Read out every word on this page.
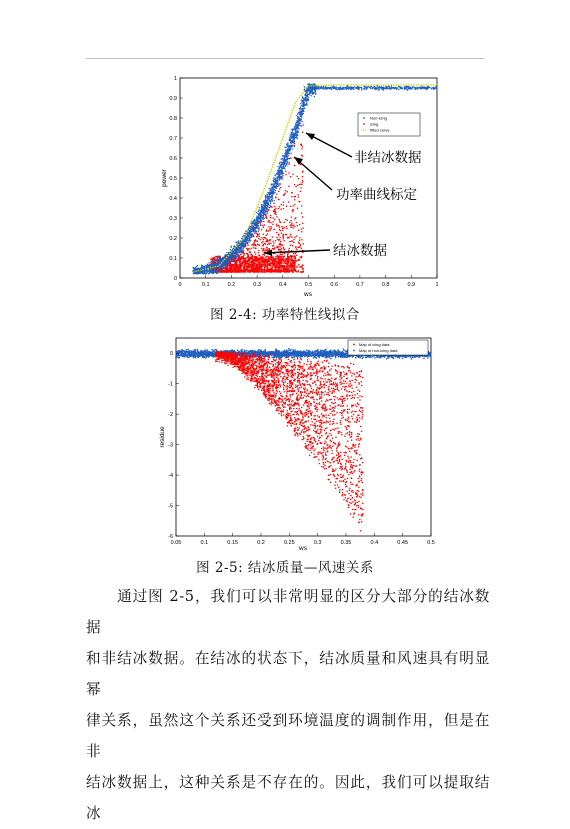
0	0.1	0.2	0.3	0.4	0.5	0.6	0.7	0.8	0.9	1
0
0.1
0.2
0.3
0.4
0.5
0.6
0.7
0.8
0.9
1
ws
power
Non-icing
icing
fitted curve
非结冰数据
功率曲线标定
结冰数据
0.05	0.1	0.15	0.2	0.25	0.3	0.35	0.4	0.45	0.5
0
-1
-2
-3
-4
-5
-6
ws
residue
Map of icing data
Map of non-icing data
图 2-4: 功率特性线拟合
图 2-5: 结冰质量—风速关系

　　通过图 2-5，我们可以非常明显的区分大部分的结冰数据

和非结冰数据。在结冰的状态下，结冰质量和风速具有明显幂

律关系，虽然这个关系还受到环境温度的调制作用，但是在非

结冰数据上，这种关系是不存在的。因此，我们可以提取结冰
